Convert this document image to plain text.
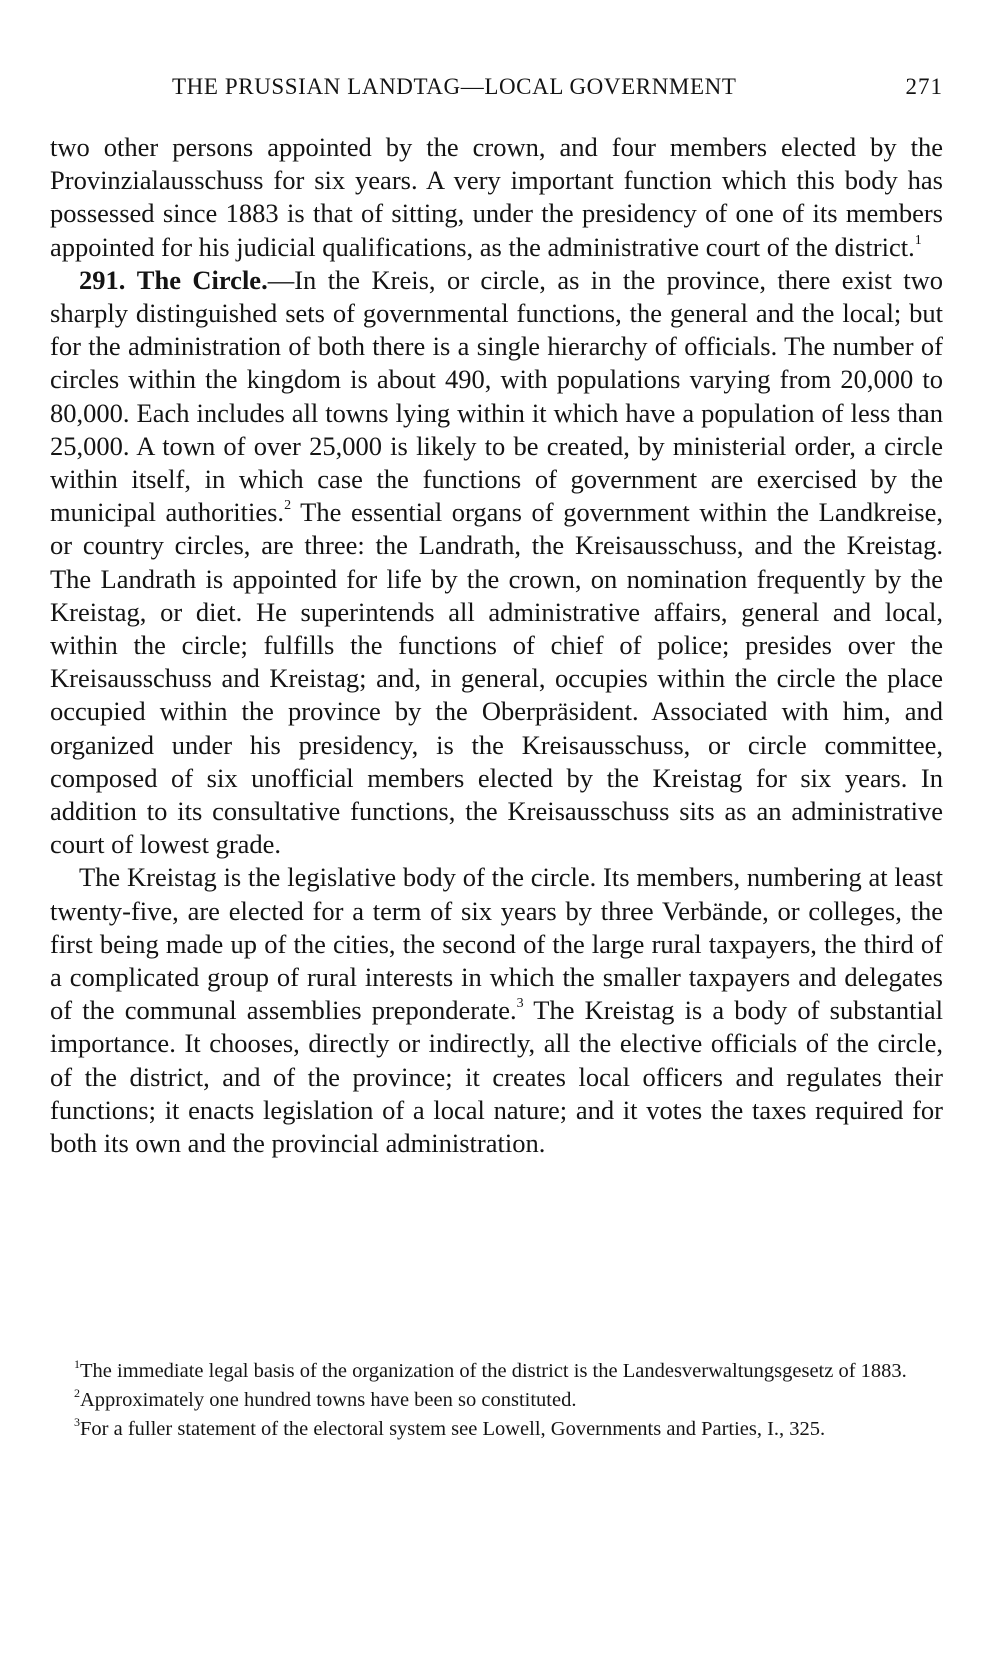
THE PRUSSIAN LANDTAG—LOCAL GOVERNMENT	271

two other persons appointed by the crown, and four members elected by the Provinzialausschuss for six years. A very important function which this body has possessed since 1883 is that of sitting, under the presidency of one of its members appointed for his judicial qualifications, as the administrative court of the district.$^1$

291. The Circle.—In the Kreis, or circle, as in the province, there exist two sharply distinguished sets of governmental functions, the general and the local; but for the administration of both there is a single hierarchy of officials. The number of circles within the kingdom is about 490, with populations varying from 20,000 to 80,000. Each includes all towns lying within it which have a population of less than 25,000. A town of over 25,000 is likely to be created, by ministerial order, a circle within itself, in which case the functions of government are exercised by the municipal authorities.$^2$ The essential organs of government within the Landkreise, or country circles, are three: the Landrath, the Kreisausschuss, and the Kreistag. The Landrath is appointed for life by the crown, on nomination frequently by the Kreistag, or diet. He superintends all administrative affairs, general and local, within the circle; fulfills the functions of chief of police; presides over the Kreisausschuss and Kreistag; and, in general, occupies within the circle the place occupied within the province by the Oberpräsident. Associated with him, and organized under his presidency, is the Kreisausschuss, or circle committee, composed of six unofficial members elected by the Kreistag for six years. In addition to its consultative functions, the Kreisausschuss sits as an administrative court of lowest grade.

The Kreistag is the legislative body of the circle. Its members, numbering at least twenty-five, are elected for a term of six years by three Verbände, or colleges, the first being made up of the cities, the second of the large rural taxpayers, the third of a complicated group of rural interests in which the smaller taxpayers and delegates of the communal assemblies preponderate.$^3$ The Kreistag is a body of substantial importance. It chooses, directly or indirectly, all the elective officials of the circle, of the district, and of the province; it creates local officers and regulates their functions; it enacts legislation of a local nature; and it votes the taxes required for both its own and the provincial administration.

$^1$The immediate legal basis of the organization of the district is the Landesverwaltungsgesetz of 1883.

$^2$Approximately one hundred towns have been so constituted.

$^3$For a fuller statement of the electoral system see Lowell, Governments and Parties, I., 325.
